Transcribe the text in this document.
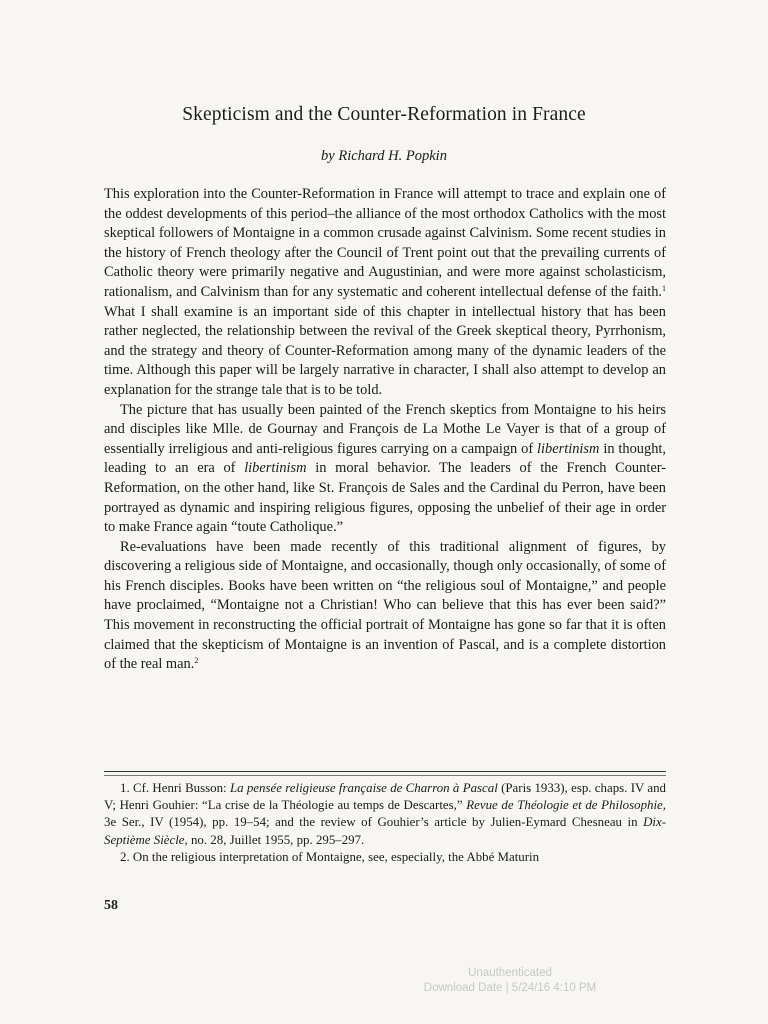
Skepticism and the Counter-Reformation in France
by Richard H. Popkin

This exploration into the Counter-Reformation in France will attempt to trace and explain one of the oddest developments of this period–the alliance of the most orthodox Catholics with the most skeptical followers of Montaigne in a common crusade against Calvinism. Some recent studies in the history of French theology after the Council of Trent point out that the prevailing currents of Catholic theory were primarily negative and Augustinian, and were more against scholasticism, rationalism, and Calvinism than for any systematic and coherent intellectual defense of the faith.$^1$ What I shall examine is an important side of this chapter in intellectual history that has been rather neglected, the relationship between the revival of the Greek skeptical theory, Pyrrhonism, and the strategy and theory of Counter-Reformation among many of the dynamic leaders of the time. Although this paper will be largely narrative in character, I shall also attempt to develop an explanation for the strange tale that is to be told.

The picture that has usually been painted of the French skeptics from Montaigne to his heirs and disciples like Mlle. de Gournay and François de La Mothe Le Vayer is that of a group of essentially irreligious and anti-religious figures carrying on a campaign of libertinism in thought, leading to an era of libertinism in moral behavior. The leaders of the French Counter-Reformation, on the other hand, like St. François de Sales and the Cardinal du Perron, have been portrayed as dynamic and inspiring religious figures, opposing the unbelief of their age in order to make France again “toute Catholique.”

Re-evaluations have been made recently of this traditional alignment of figures, by discovering a religious side of Montaigne, and occasionally, though only occasionally, of some of his French disciples. Books have been written on “the religious soul of Montaigne,” and people have proclaimed, “Montaigne not a Christian! Who can believe that this has ever been said?” This movement in reconstructing the official portrait of Montaigne has gone so far that it is often claimed that the skepticism of Montaigne is an invention of Pascal, and is a complete distortion of the real man.$^2$

1. Cf. Henri Busson: La pensée religieuse française de Charron à Pascal (Paris 1933), esp. chaps. IV and V; Henri Gouhier: “La crise de la Théologie au temps de Descartes,” Revue de Théologie et de Philosophie, 3e Ser., IV (1954), pp. 19–54; and the review of Gouhier’s article by Julien-Eymard Chesneau in Dix-Septième Siècle, no. 28, Juillet 1955, pp. 295–297.

2. On the religious interpretation of Montaigne, see, especially, the Abbé Maturin

58
Unauthenticated
Download Date | 5/24/16 4:10 PM
